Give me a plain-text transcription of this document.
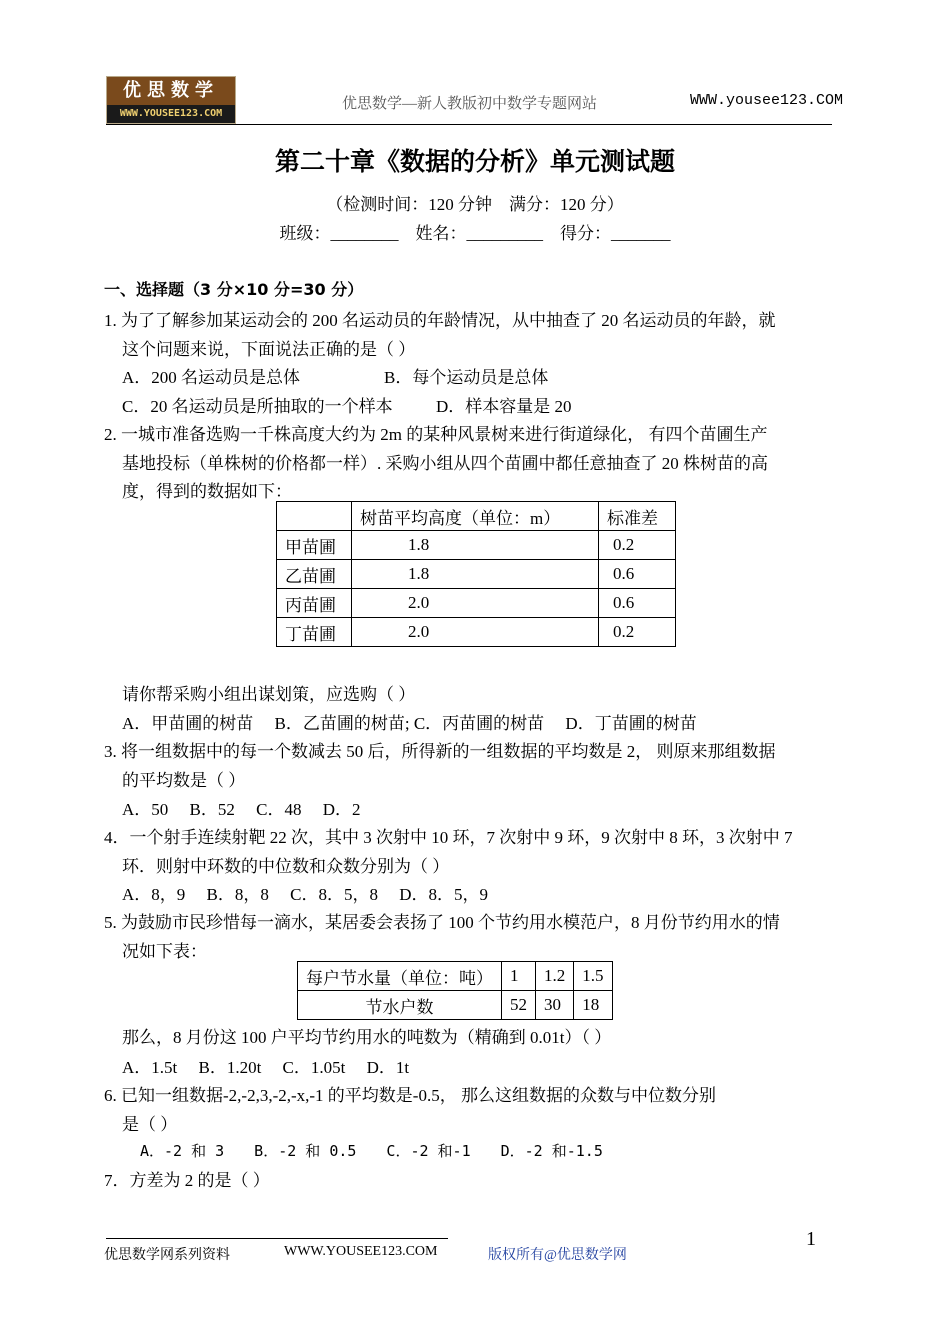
优思数学
WWW.YOUSEE123.COM
优思数学—新人教版初中数学专题网站	WWW.yousee123.COM
第二十章《数据的分析》单元测试题
（检测时间：120 分钟　满分：120 分）
班级：________　姓名：_________　得分：_______
一、选择题（3 分×10 分=30 分）
1. 为了了解参加某运动会的 200 名运动员的年龄情况，从中抽查了 20 名运动员的年龄，就
这个问题来说，下面说法正确的是（ ）
A．200 名运动员是总体	B．每个运动员是总体
C．20 名运动员是所抽取的一个样本	D．样本容量是 20
2. 一城市准备选购一千株高度大约为 2m 的某种风景树来进行街道绿化， 有四个苗圃生产
基地投标（单株树的价格都一样）. 采购小组从四个苗圃中都任意抽查了 20 株树苗的高
度，得到的数据如下：
	树苗平均高度（单位：m）	标准差
甲苗圃	1.8	0.2
乙苗圃	1.8	0.6
丙苗圃	2.0	0.6
丁苗圃	2.0	0.2
请你帮采购小组出谋划策，应选购（ ）
A．甲苗圃的树苗　 B．乙苗圃的树苗; C．丙苗圃的树苗　 D．丁苗圃的树苗
3. 将一组数据中的每一个数减去 50 后，所得新的一组数据的平均数是 2， 则原来那组数据
的平均数是（ ）
A．50　 B．52　 C．48　 D．2
4．一个射手连续射靶 22 次，其中 3 次射中 10 环，7 次射中 9 环，9 次射中 8 环，3 次射中 7
环．则射中环数的中位数和众数分别为（ ）
A．8，9　 B．8，8　 C．8．5，8　 D．8．5，9
5. 为鼓励市民珍惜每一滴水，某居委会表扬了 100 个节约用水模范户，8 月份节约用水的情
况如下表：
每户节水量（单位：吨）	1	1.2	1.5
节水户数	52	30	18
那么，8 月份这 100 户平均节约用水的吨数为（精确到 0.01t）（ ）
A．1.5t　 B．1.20t　 C．1.05t　 D．1t
6. 已知一组数据-2,-2,3,-2,-x,-1 的平均数是-0.5， 那么这组数据的众数与中位数分别
是（ ）
A．-2 和 3　　B．-2 和 0.5　　C．-2 和-1　　D．-2 和-1.5
7．方差为 2 的是（ ）
1
优思数学网系列资料	WWW.YOUSEE123.COM	版权所有@优思数学网
